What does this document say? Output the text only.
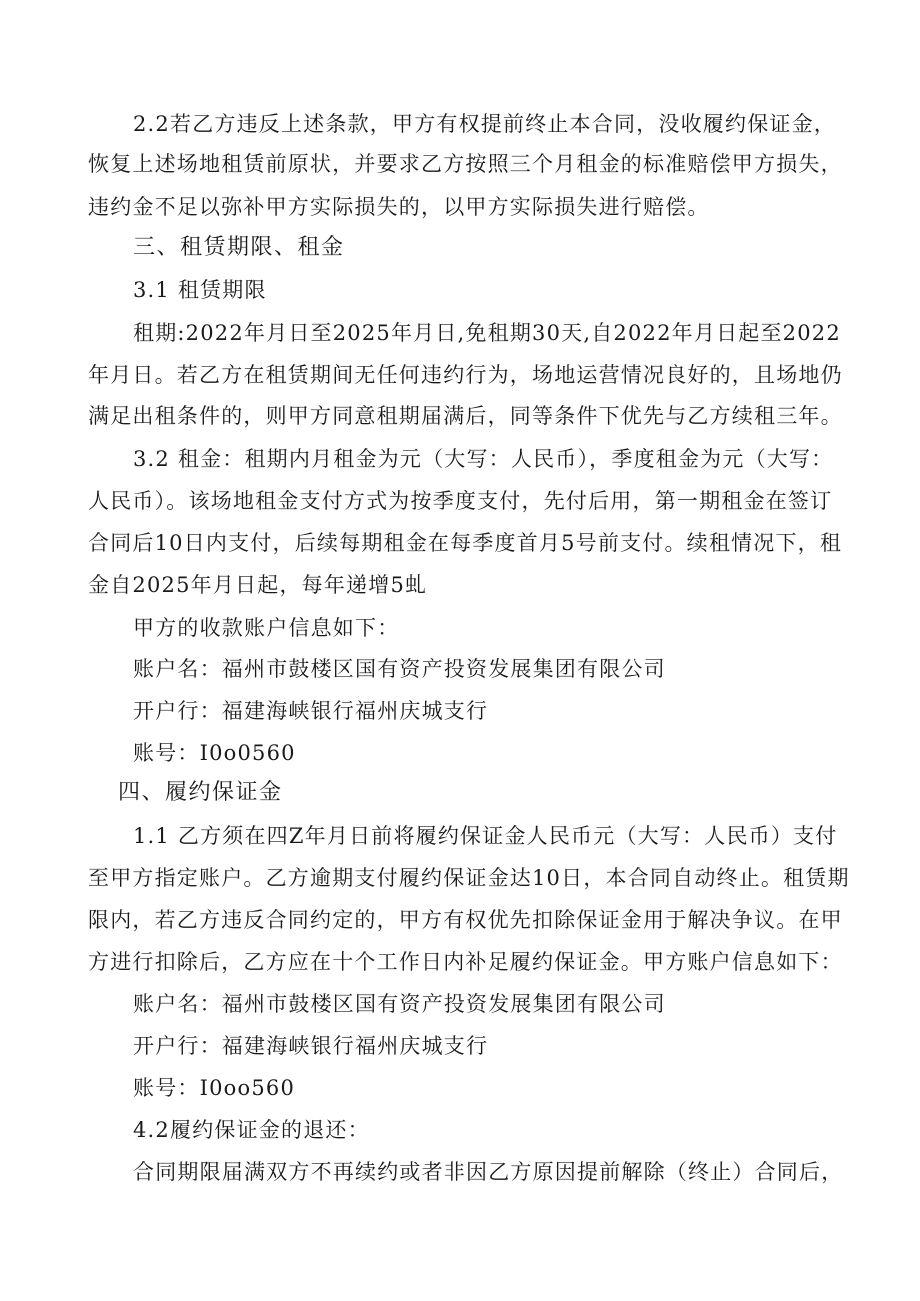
2.2若乙方违反上述条款，甲方有权提前终止本合同，没收履约保证金，
恢复上述场地租赁前原状，并要求乙方按照三个月租金的标准赔偿甲方损失，
违约金不足以弥补甲方实际损失的，以甲方实际损失进行赔偿。
三、租赁期限、租金
3.1 租赁期限
租期:2022年月日至2025年月日,免租期30天,自2022年月日起至2022
年月日。若乙方在租赁期间无任何违约行为，场地运营情况良好的，且场地仍
满足出租条件的，则甲方同意租期届满后，同等条件下优先与乙方续租三年。
3.2 租金：租期内月租金为元（大写：人民币），季度租金为元（大写：
人民币）。该场地租金支付方式为按季度支付，先付后用，第一期租金在签订
合同后10日内支付，后续每期租金在每季度首月5号前支付。续租情况下，租
金自2025年月日起，每年递增5虬
甲方的收款账户信息如下：
账户名：福州市鼓楼区国有资产投资发展集团有限公司
开户行：福建海峡银行福州庆城支行
账号：I0o0560
四、履约保证金
1.1 乙方须在四Z年月日前将履约保证金人民币元（大写：人民币）支付
至甲方指定账户。乙方逾期支付履约保证金达10日，本合同自动终止。租赁期
限内，若乙方违反合同约定的，甲方有权优先扣除保证金用于解决争议。在甲
方进行扣除后，乙方应在十个工作日内补足履约保证金。甲方账户信息如下：
账户名：福州市鼓楼区国有资产投资发展集团有限公司
开户行：福建海峡银行福州庆城支行
账号：I0oo560
4.2履约保证金的退还：
合同期限届满双方不再续约或者非因乙方原因提前解除（终止）合同后，
